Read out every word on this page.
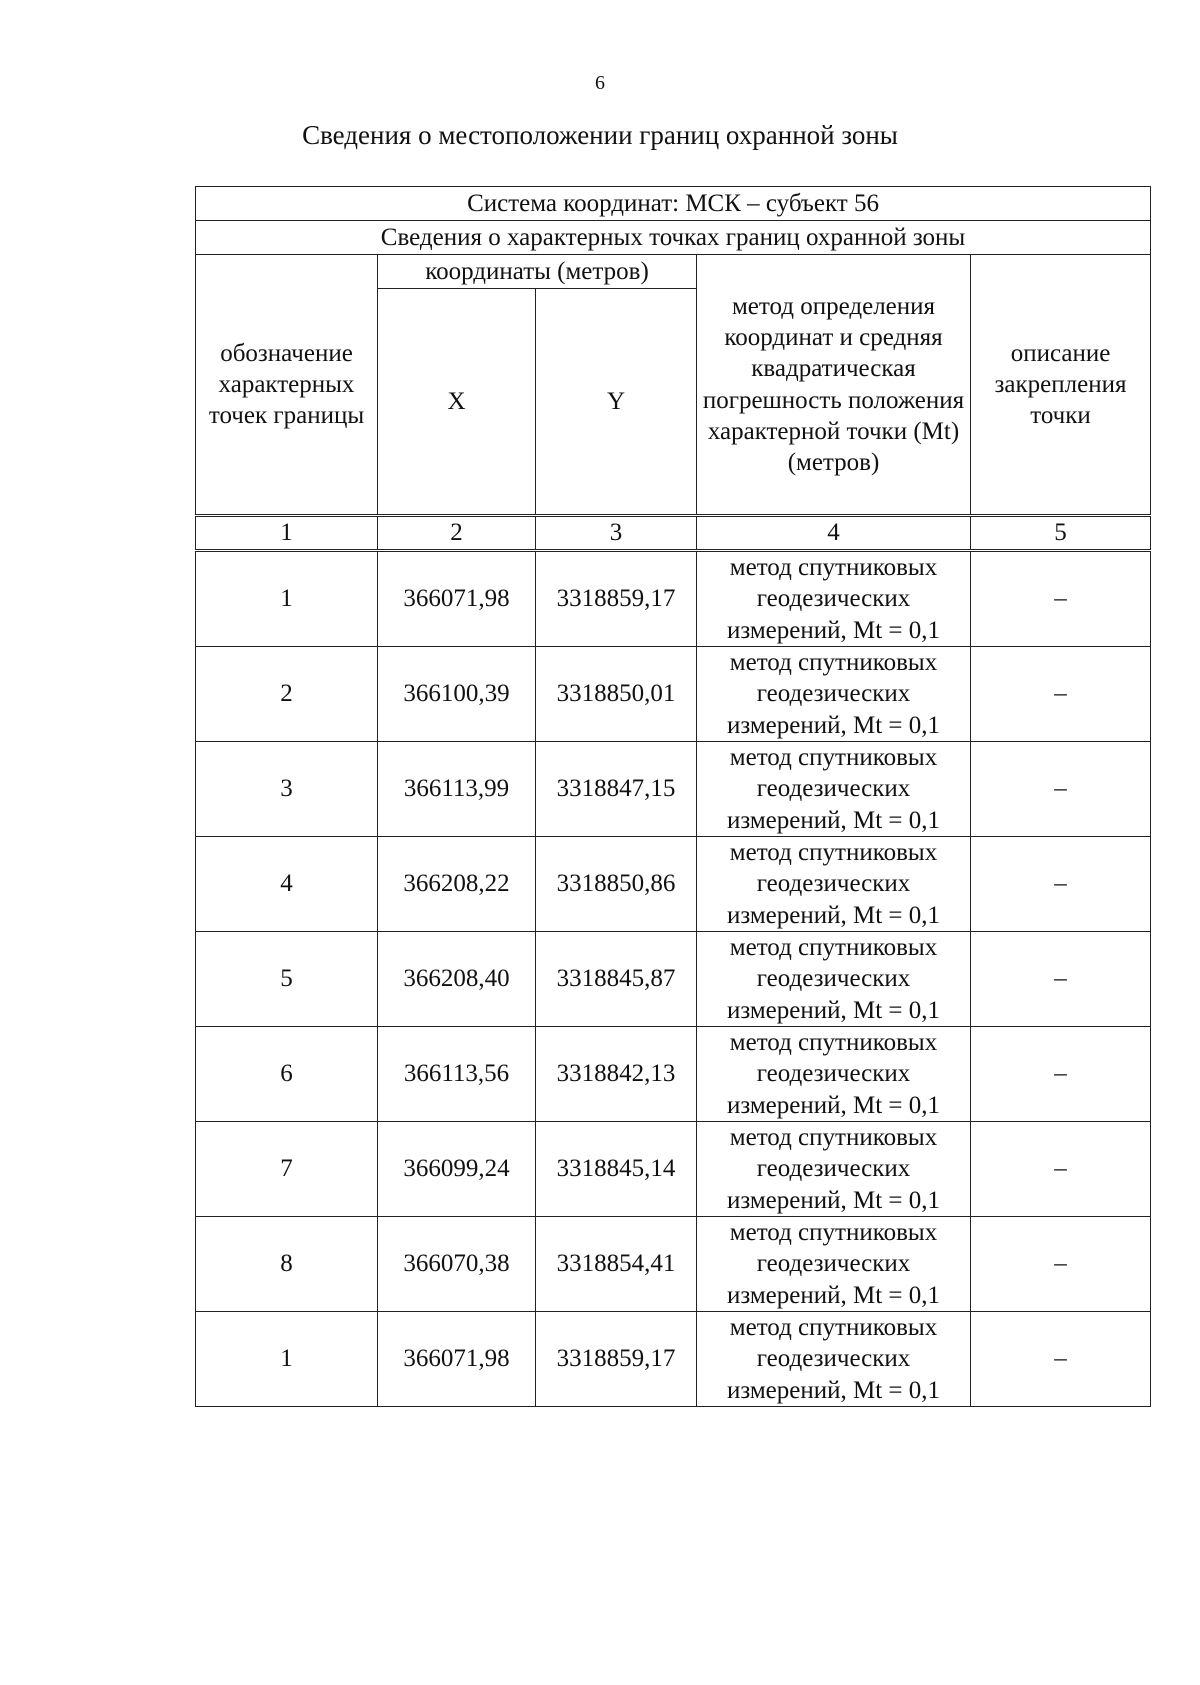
6
Сведения о местоположении границ охранной зоны
Система координат: МСК – субъект 56				
Сведения о характерных точках границ охранной зоны				
обозначение характерных точек границы	координаты (метров)		метод определения координат и средняя квадратическая погрешность положения характерной точки (Mt) (метров)	описание закрепления точки
	X	Y		
1	2	3	4	5
1	366071,98	3318859,17	метод спутниковых геодезических измерений, Mt = 0,1	–
2	366100,39	3318850,01	метод спутниковых геодезических измерений, Mt = 0,1	–
3	366113,99	3318847,15	метод спутниковых геодезических измерений, Mt = 0,1	–
4	366208,22	3318850,86	метод спутниковых геодезических измерений, Mt = 0,1	–
5	366208,40	3318845,87	метод спутниковых геодезических измерений, Mt = 0,1	–
6	366113,56	3318842,13	метод спутниковых геодезических измерений, Mt = 0,1	–
7	366099,24	3318845,14	метод спутниковых геодезических измерений, Mt = 0,1	–
8	366070,38	3318854,41	метод спутниковых геодезических измерений, Mt = 0,1	–
1	366071,98	3318859,17	метод спутниковых геодезических измерений, Mt = 0,1	–
